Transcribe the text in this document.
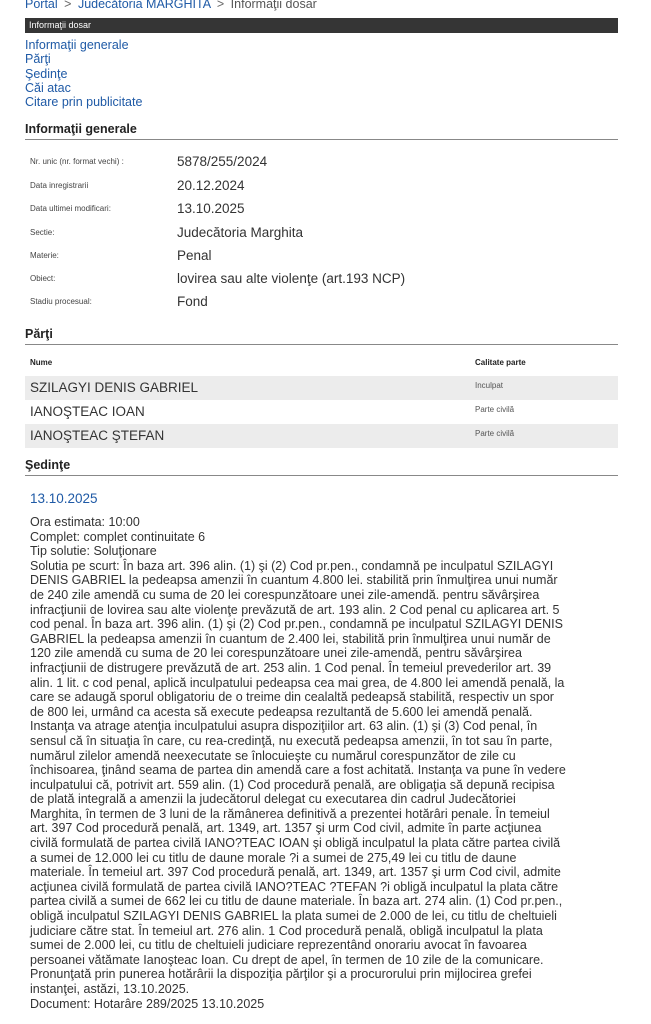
Portal > Judecătoria MARGHITA > Informaţii dosar
Informaţii dosar
Informaţii generale
Părţi
Şedinţe
Căi atac
Citare prin publicitate
Informaţii generale
Nr. unic (nr. format vechi) :	5878/255/2024
Data inregistrarii	20.12.2024
Data ultimei modificari:	13.10.2025
Sectie:	Judecătoria Marghita
Materie:	Penal
Obiect:	lovirea sau alte violenţe (art.193 NCP)
Stadiu procesual:	Fond
Părţi
Nume	Calitate parte
SZILAGYI DENIS GABRIEL	Inculpat
IANOŞTEAC IOAN	Parte civilă
IANOŞTEAC ŞTEFAN	Parte civilă
Şedinţe
13.10.2025
Ora estimata: 10:00
Complet: complet continuitate 6
Tip solutie: Soluţionare
Solutia pe scurt: În baza art. 396 alin. (1) şi (2) Cod pr.pen., condamnă pe inculpatul SZILAGYI
DENIS GABRIEL la pedeapsa amenzii în cuantum 4.800 lei. stabilită prin înmulţirea unui număr
de 240 zile amendă cu suma de 20 lei corespunzătoare unei zile-amendă. pentru săvârşirea
infracţiunii de lovirea sau alte violenţe prevăzută de art. 193 alin. 2 Cod penal cu aplicarea art. 5
cod penal. În baza art. 396 alin. (1) şi (2) Cod pr.pen., condamnă pe inculpatul SZILAGYI DENIS
GABRIEL la pedeapsa amenzii în cuantum de 2.400 lei, stabilită prin înmulţirea unui număr de
120 zile amendă cu suma de 20 lei corespunzătoare unei zile-amendă, pentru săvârşirea
infracţiunii de distrugere prevăzută de art. 253 alin. 1 Cod penal. În temeiul prevederilor art. 39
alin. 1 lit. c cod penal, aplică inculpatului pedeapsa cea mai grea, de 4.800 lei amendă penală, la
care se adaugă sporul obligatoriu de o treime din cealaltă pedeapsă stabilită, respectiv un spor
de 800 lei, urmând ca acesta să execute pedeapsa rezultantă de 5.600 lei amendă penală.
Instanţa va atrage atenţia inculpatului asupra dispoziţiilor art. 63 alin. (1) şi (3) Cod penal, în
sensul că în situaţia în care, cu rea-credinţă, nu execută pedeapsa amenzii, în tot sau în parte,
numărul zilelor amendă neexecutate se înlocuieşte cu numărul corespunzător de zile cu
închisoarea, ţinând seama de partea din amendă care a fost achitată. Instanţa va pune în vedere
inculpatului că, potrivit art. 559 alin. (1) Cod procedură penală, are obligaţia să depună recipisa
de plată integrală a amenzii la judecătorul delegat cu executarea din cadrul Judecătoriei
Marghita, în termen de 3 luni de la rămânerea definitivă a prezentei hotărâri penale. În temeiul
art. 397 Cod procedură penală, art. 1349, art. 1357 şi urm Cod civil, admite în parte acţiunea
civilă formulată de partea civilă IANO?TEAC IOAN şi obligă inculpatul la plata către partea civilă
a sumei de 12.000 lei cu titlu de daune morale ?i a sumei de 275,49 lei cu titlu de daune
materiale. În temeiul art. 397 Cod procedură penală, art. 1349, art. 1357 şi urm Cod civil, admite
acţiunea civilă formulată de partea civilă IANO?TEAC ?TEFAN ?i obligă inculpatul la plata către
partea civilă a sumei de 662 lei cu titlu de daune materiale. În baza art. 274 alin. (1) Cod pr.pen.,
obligă inculpatul SZILAGYI DENIS GABRIEL la plata sumei de 2.000 de lei, cu titlu de cheltuieli
judiciare către stat. În temeiul art. 276 alin. 1 Cod procedură penală, obligă inculpatul la plata
sumei de 2.000 lei, cu titlu de cheltuieli judiciare reprezentând onorariu avocat în favoarea
persoanei vătămate Ianoşteac Ioan. Cu drept de apel, în termen de 10 zile de la comunicare.
Pronunţată prin punerea hotărârii la dispoziţia părţilor şi a procurorului prin mijlocirea grefei
instanţei, astăzi, 13.10.2025.
Document: Hotarâre 289/2025 13.10.2025
